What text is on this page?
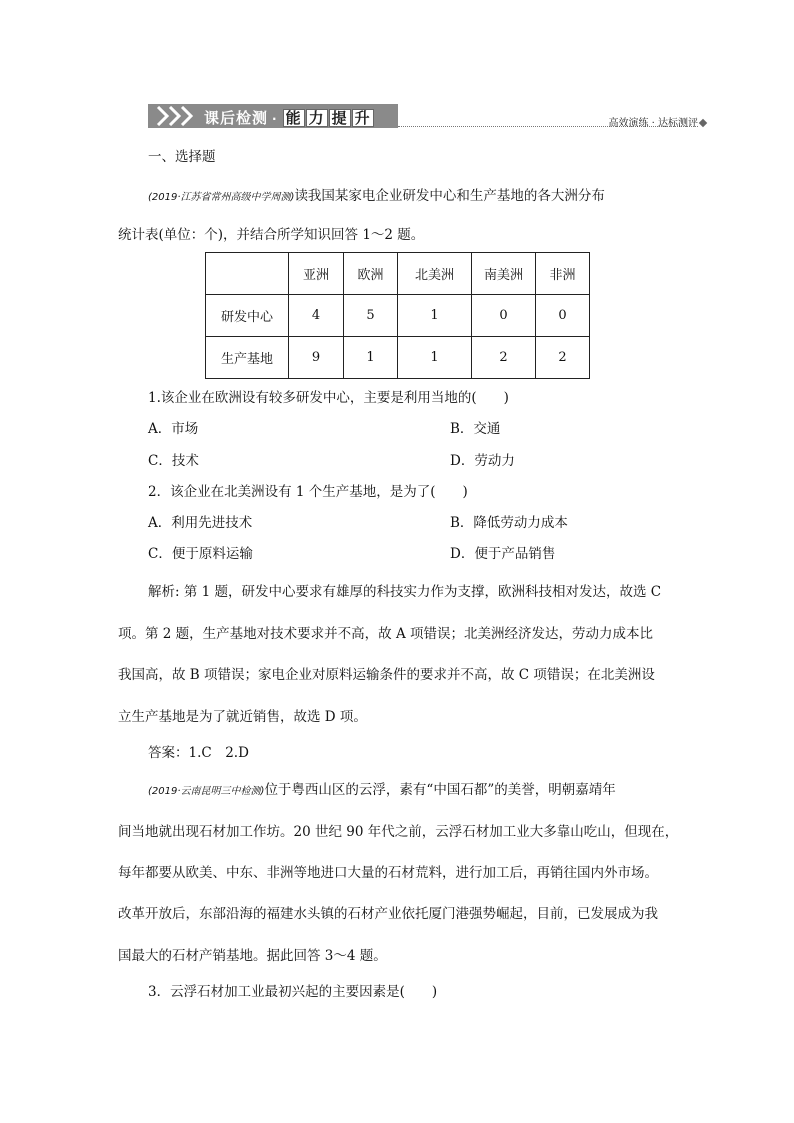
课后检测 · 能 力 提 升	高效演练 · 达标测评
一、选择题
(2019·江苏省常州高级中学周测)读我国某家电企业研发中心和生产基地的各大洲分布
统计表(单位：个)，并结合所学知识回答 1～2 题。
	亚洲	欧洲	北美洲	南美洲	非洲
研发中心	4	5	1	0	0
生产基地	9	1	1	2	2
1.该企业在欧洲设有较多研发中心，主要是利用当地的(　　)
A．市场	B．交通
C．技术	D．劳动力
2．该企业在北美洲设有 1 个生产基地，是为了(　　)
A．利用先进技术	B．降低劳动力成本
C．便于原料运输	D．便于产品销售
解析: 第 1 题，研发中心要求有雄厚的科技实力作为支撑，欧洲科技相对发达，故选 C
项。第 2 题，生产基地对技术要求并不高，故 A 项错误；北美洲经济发达，劳动力成本比
我国高，故 B 项错误；家电企业对原料运输条件的要求并不高，故 C 项错误；在北美洲设
立生产基地是为了就近销售，故选 D 项。
答案：1.C　2.D
(2019·云南昆明三中检测)位于粤西山区的云浮，素有“中国石都”的美誉，明朝嘉靖年
间当地就出现石材加工作坊。20 世纪 90 年代之前，云浮石材加工业大多靠山吃山，但现在，
每年都要从欧美、中东、非洲等地进口大量的石材荒料，进行加工后，再销往国内外市场。
改革开放后，东部沿海的福建水头镇的石材产业依托厦门港强势崛起，目前，已发展成为我
国最大的石材产销基地。据此回答 3～4 题。
3．云浮石材加工业最初兴起的主要因素是(　　)
